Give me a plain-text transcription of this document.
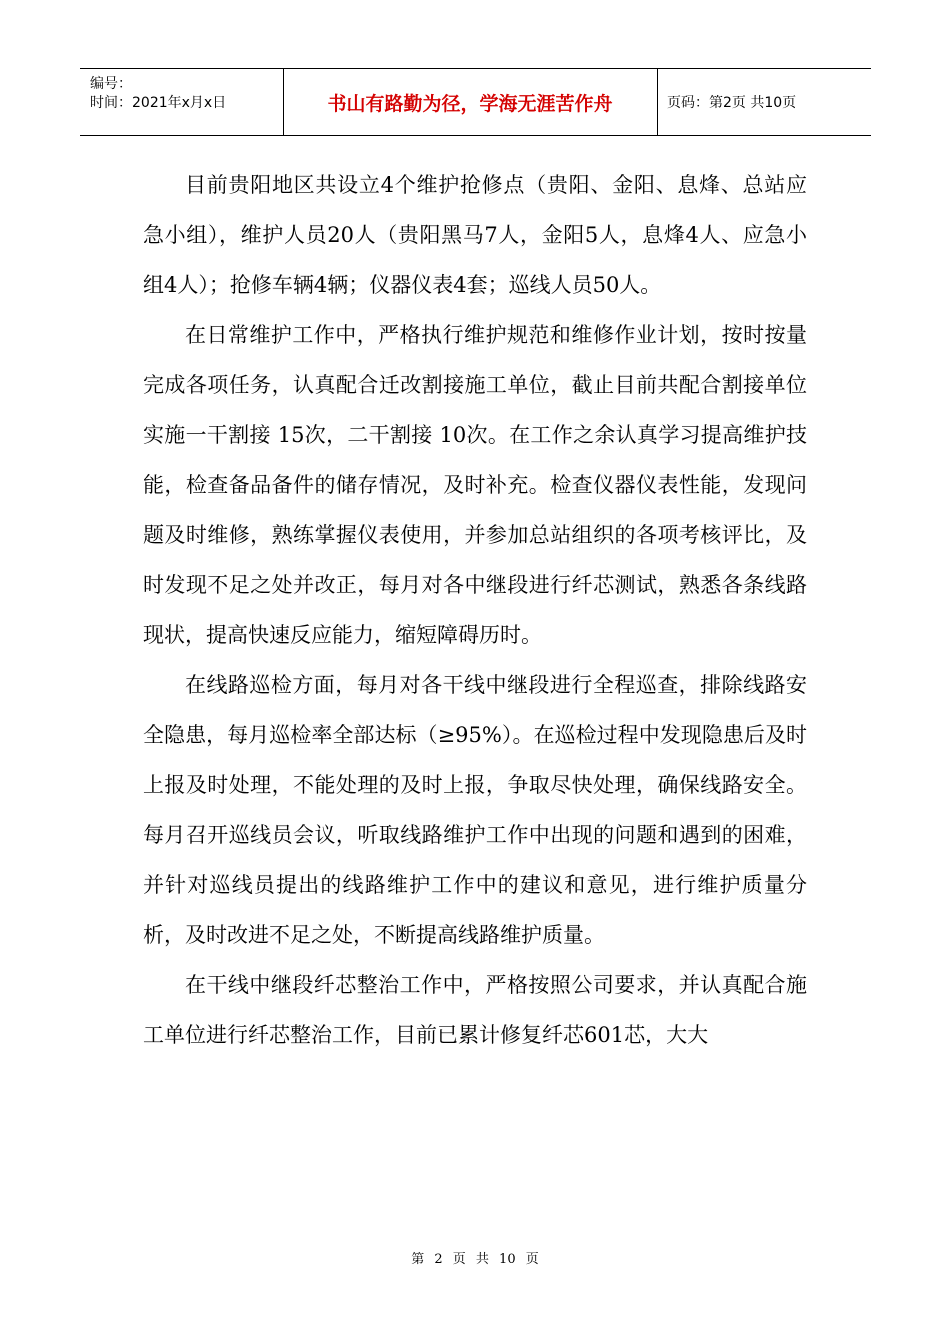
编号：
时间：2021年x月x日	书山有路勤为径，学海无涯苦作舟	页码：第2页 共10页

目前贵阳地区共设立4个维护抢修点（贵阳、金阳、息烽、总站应急小组），维护人员20人（贵阳黑马7人，金阳5人，息烽4人、应急小组4人）；抢修车辆4辆；仪器仪表4套；巡线人员50人。

在日常维护工作中，严格执行维护规范和维修作业计划，按时按量完成各项任务，认真配合迁改割接施工单位，截止目前共配合割接单位实施一干割接 15次，二干割接 10次。在工作之余认真学习提高维护技能，检查备品备件的储存情况，及时补充。检查仪器仪表性能，发现问题及时维修，熟练掌握仪表使用，并参加总站组织的各项考核评比，及时发现不足之处并改正，每月对各中继段进行纤芯测试，熟悉各条线路现状，提高快速反应能力，缩短障碍历时。

在线路巡检方面，每月对各干线中继段进行全程巡查，排除线路安全隐患，每月巡检率全部达标（≥95%）。在巡检过程中发现隐患后及时上报及时处理，不能处理的及时上报，争取尽快处理，确保线路安全。每月召开巡线员会议，听取线路维护工作中出现的问题和遇到的困难，并针对巡线员提出的线路维护工作中的建议和意见，进行维护质量分析，及时改进不足之处，不断提高线路维护质量。

在干线中继段纤芯整治工作中，严格按照公司要求，并认真配合施工单位进行纤芯整治工作，目前已累计修复纤芯601芯，大大

第 2 页 共 10 页
